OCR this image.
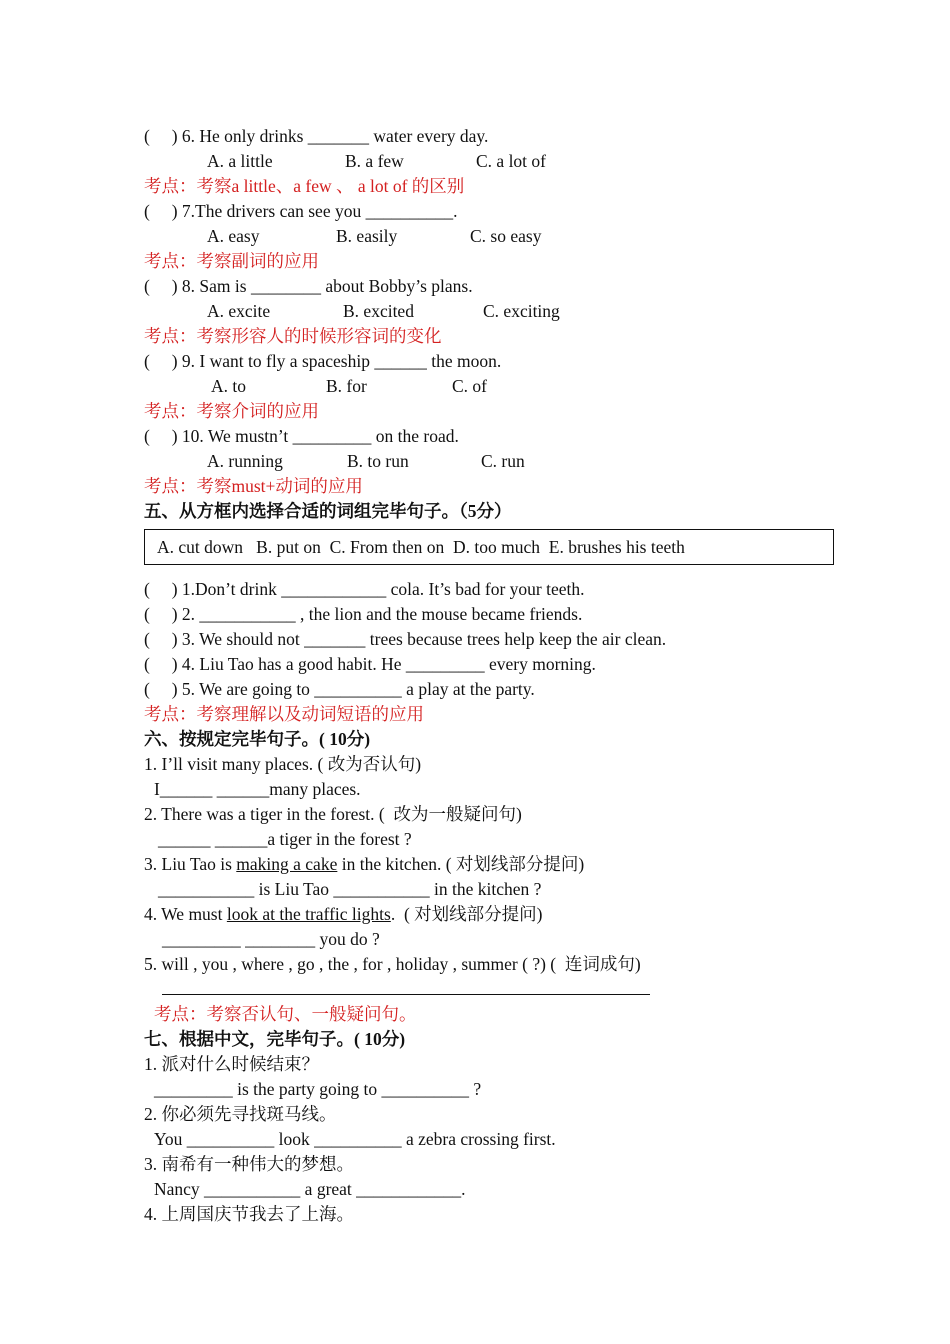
(     ) 6. He only drinks _______ water every day.
A. a little	B. a few	C. a lot of
考点：考察a little、a few 、 a lot of 的区别
(     ) 7.The drivers can see you __________.
A. easy	B. easily	C. so easy
考点：考察副词的应用
(     ) 8. Sam is ________ about Bobby’s plans.
A. excite	B. excited	C. exciting
考点：考察形容人的时候形容词的变化
(     ) 9. I want to fly a spaceship ______ the moon.
A. to	B. for	C. of
考点：考察介词的应用
(     ) 10. We mustn’t _________ on the road.
A. running	B. to run	C. run
考点：考察must+动词的应用
五、从方框内选择合适的词组完毕句子。（5分）
A. cut down   B. put on  C. From then on  D. too much  E. brushes his teeth
(     ) 1.Don’t drink ____________ cola. It’s bad for your teeth.
(     ) 2. ___________ , the lion and the mouse became friends.
(     ) 3. We should not _______ trees because trees help keep the air clean.
(     ) 4. Liu Tao has a good habit. He _________ every morning.
(     ) 5. We are going to __________ a play at the party.
考点：考察理解以及动词短语的应用
六、按规定完毕句子。( 10分)
1. I’ll visit many places. ( 改为否认句)
I______ ______many places.
2. There was a tiger in the forest. (  改为一般疑问句)
______ ______a tiger in the forest ?
3. Liu Tao is making a cake in the kitchen. ( 对划线部分提问)
___________ is Liu Tao ___________ in the kitchen ?
4. We must look at the traffic lights.  ( 对划线部分提问)
_________ ________ you do ?
5. will , you , where , go , the , for , holiday , summer ( ?) (  连词成句)
考点：考察否认句、一般疑问句。
七、根据中文，完毕句子。( 10分)
1. 派对什么时候结束？
_________ is the party going to __________ ?
2. 你必须先寻找斑马线。
You __________ look __________ a zebra crossing first.
3. 南希有一种伟大的梦想。
Nancy ___________ a great ____________.
4. 上周国庆节我去了上海。
